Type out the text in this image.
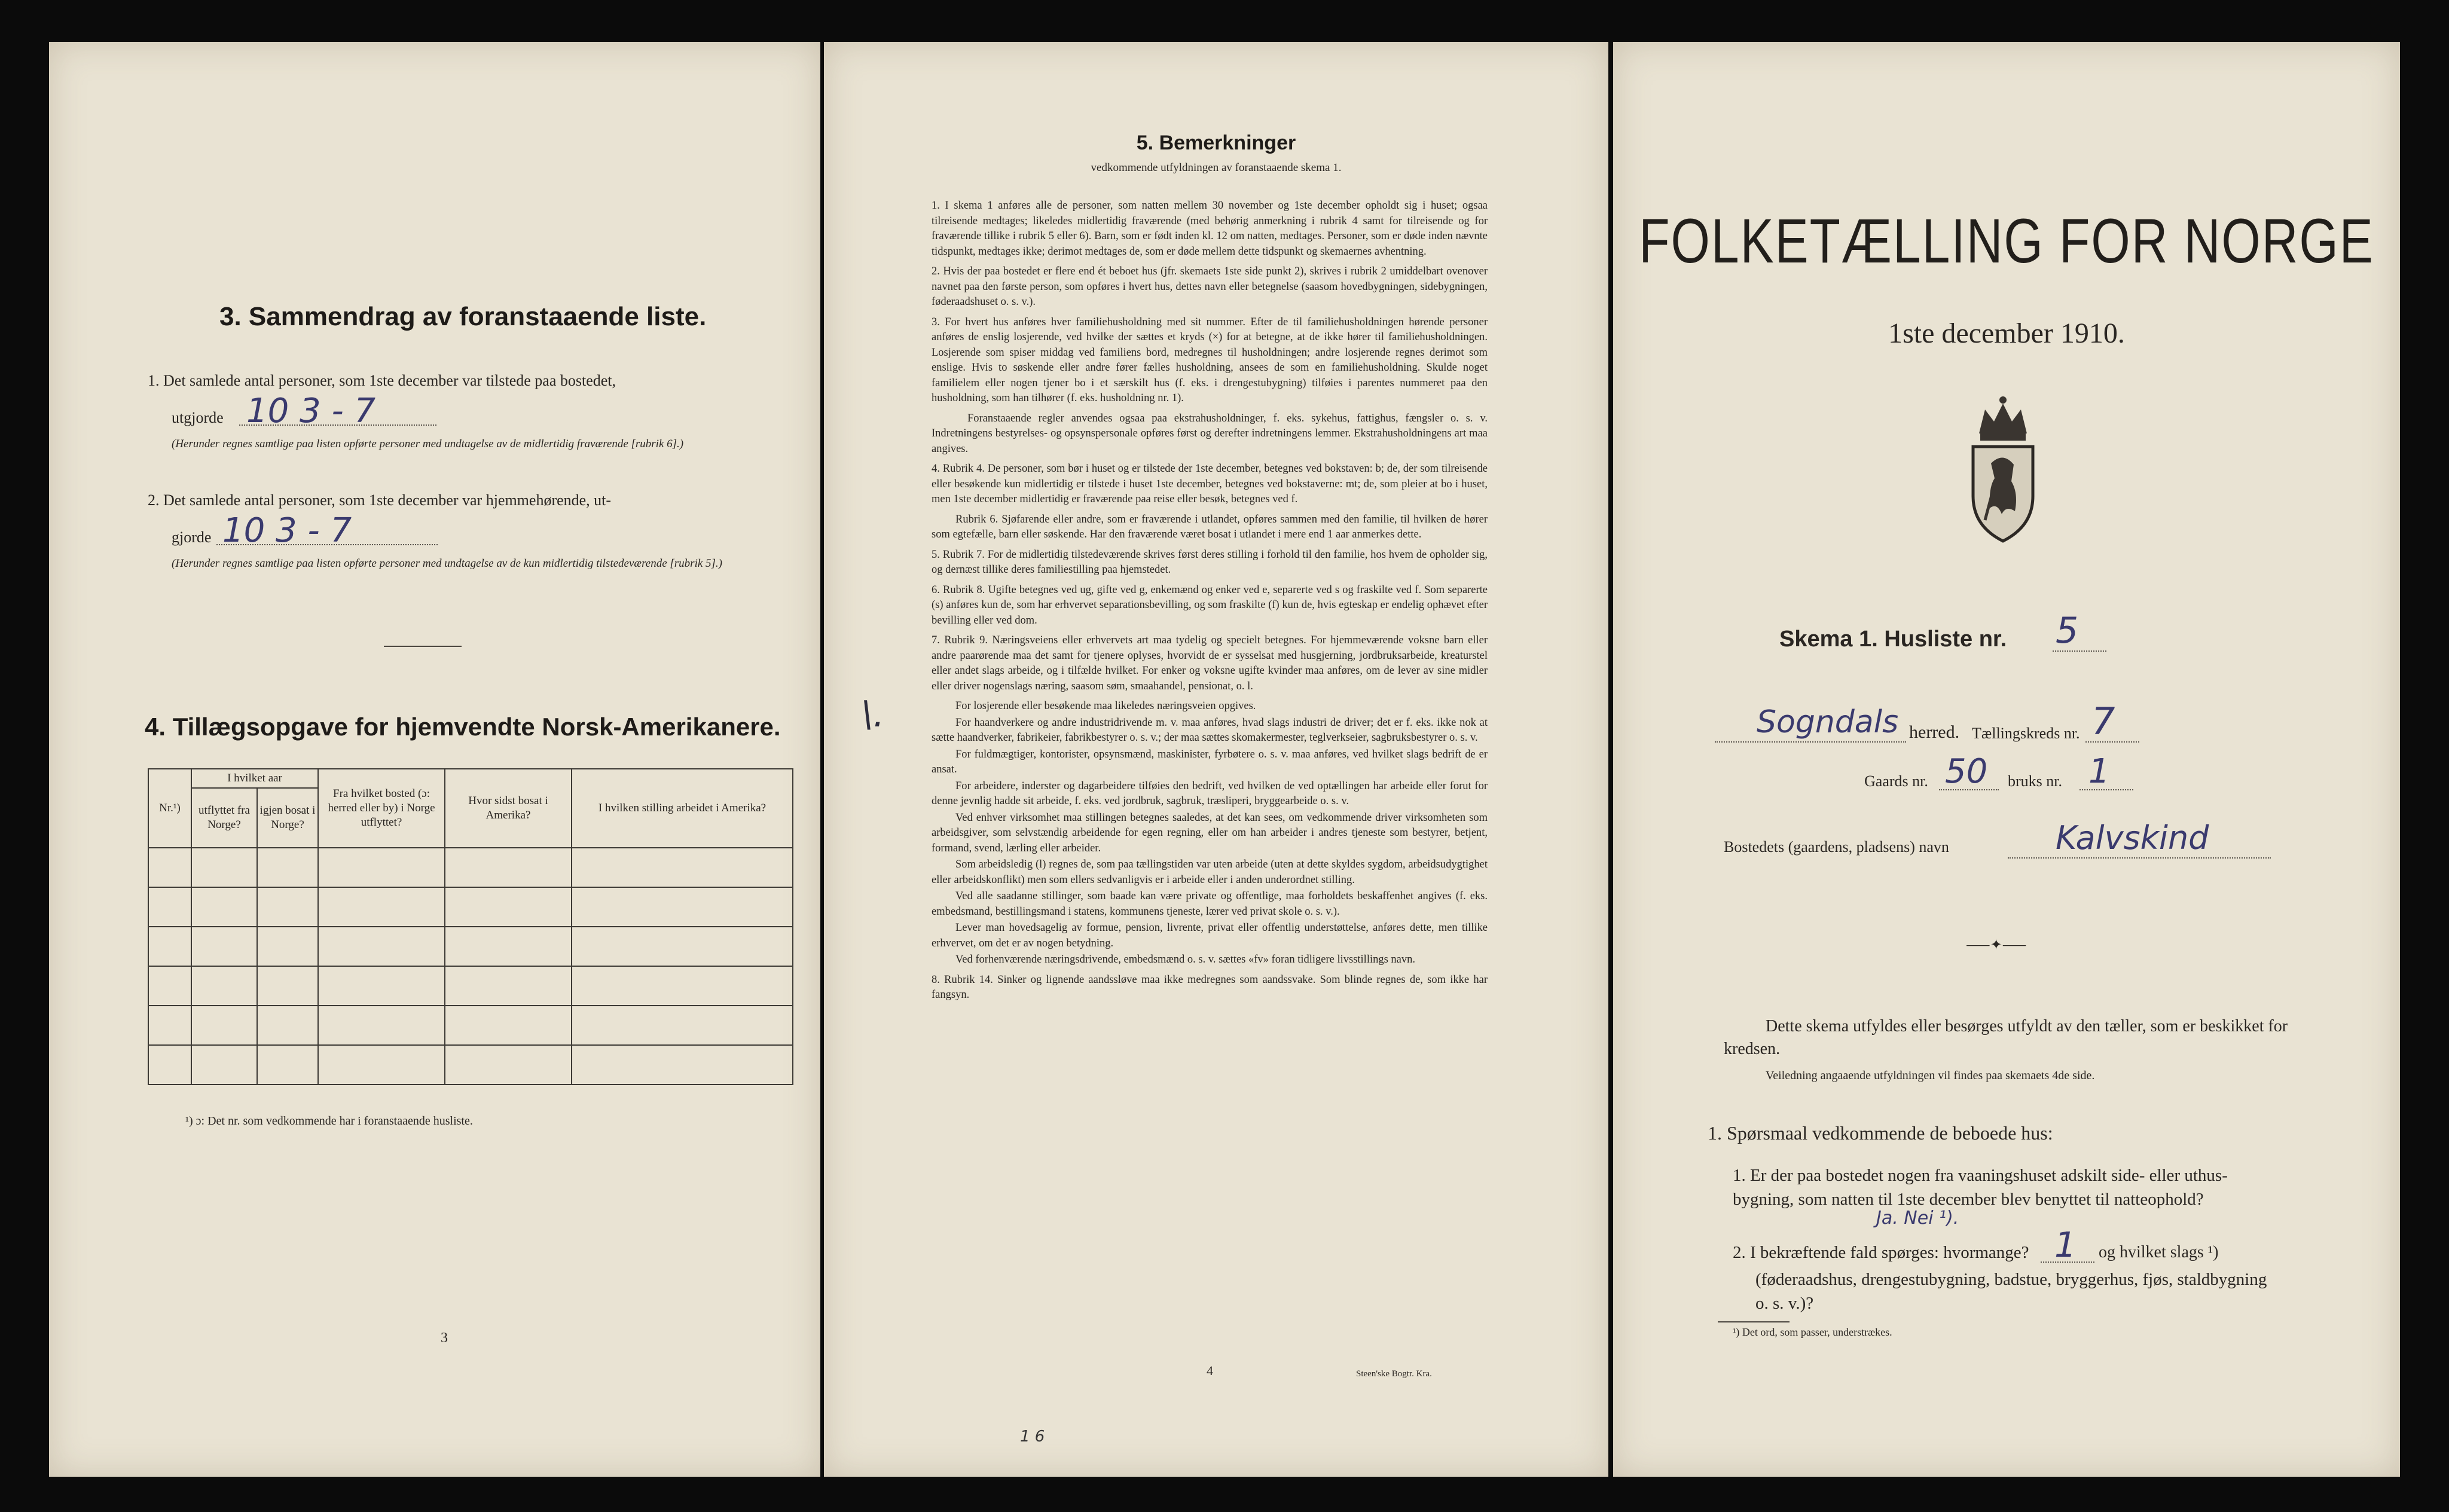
3. Sammendrag av foranstaaende liste.
1. Det samlede antal personer, som 1ste december var tilstede paa bostedet,
utgjorde 10 3 - 7
(Herunder regnes samtlige paa listen opførte personer med undtagelse av de midlertidig fraværende [rubrik 6].)
2. Det samlede antal personer, som 1ste december var hjemmehørende, ut-
gjorde 10 3 - 7
(Herunder regnes samtlige paa listen opførte personer med undtagelse av de kun midlertidig tilstedeværende [rubrik 5].)
4. Tillægsopgave for hjemvendte Norsk-Amerikanere.
Nr.¹)	I hvilket aar		Fra hvilket bosted (ɔ: herred eller by) i Norge utflyttet?	Hvor sidst bosat i Amerika?	I hvilken stilling arbeidet i Amerika?
	utflyttet fra Norge?	igjen bosat i Norge?			

¹) ɔ: Det nr. som vedkommende har i foranstaaende husliste.
3
5. Bemerkninger
vedkommende utfyldningen av foranstaaende skema 1.

1. I skema 1 anføres alle de personer, som natten mellem 30 november og 1ste december opholdt sig i huset; ogsaa tilreisende medtages; likeledes midlertidig fraværende (med behørig anmerkning i rubrik 4 samt for tilreisende og for fraværende tillike i rubrik 5 eller 6). Barn, som er født inden kl. 12 om natten, medtages. Personer, som er døde inden nævnte tidspunkt, medtages ikke; derimot medtages de, som er døde mellem dette tidspunkt og skemaernes avhentning.

2. Hvis der paa bostedet er flere end ét beboet hus (jfr. skemaets 1ste side punkt 2), skrives i rubrik 2 umiddelbart ovenover navnet paa den første person, som opføres i hvert hus, dettes navn eller betegnelse (saasom hovedbygningen, sidebygningen, føderaadshuset o. s. v.).

3. For hvert hus anføres hver familiehusholdning med sit nummer. Efter de til familiehusholdningen hørende personer anføres de enslig losjerende, ved hvilke der sættes et kryds (×) for at betegne, at de ikke hører til familiehusholdningen. Losjerende som spiser middag ved familiens bord, medregnes til husholdningen; andre losjerende regnes derimot som enslige. Hvis to søskende eller andre fører fælles husholdning, ansees de som en familiehusholdning. Skulde noget familielem eller nogen tjener bo i et særskilt hus (f. eks. i drengestubygning) tilføies i parentes nummeret paa den husholdning, som han tilhører (f. eks. husholdning nr. 1).

Foranstaaende regler anvendes ogsaa paa ekstrahusholdninger, f. eks. sykehus, fattighus, fængsler o. s. v. Indretningens bestyrelses- og opsynspersonale opføres først og derefter indretningens lemmer. Ekstrahusholdningens art maa angives.

4. Rubrik 4. De personer, som bør i huset og er tilstede der 1ste december, betegnes ved bokstaven: b; de, der som tilreisende eller besøkende kun midlertidig er tilstede i huset 1ste december, betegnes ved bokstaverne: mt; de, som pleier at bo i huset, men 1ste december midlertidig er fraværende paa reise eller besøk, betegnes ved f.

Rubrik 6. Sjøfarende eller andre, som er fraværende i utlandet, opføres sammen med den familie, til hvilken de hører som egtefælle, barn eller søskende. Har den fraværende været bosat i utlandet i mere end 1 aar anmerkes dette.

5. Rubrik 7. For de midlertidig tilstedeværende skrives først deres stilling i forhold til den familie, hos hvem de opholder sig, og dernæst tillike deres familiestilling paa hjemstedet.

6. Rubrik 8. Ugifte betegnes ved ug, gifte ved g, enkemænd og enker ved e, separerte ved s og fraskilte ved f. Som separerte (s) anføres kun de, som har erhvervet separationsbevilling, og som fraskilte (f) kun de, hvis egteskap er endelig ophævet efter bevilling eller ved dom.

7. Rubrik 9. Næringsveiens eller erhvervets art maa tydelig og specielt betegnes. For hjemmeværende voksne barn eller andre paarørende maa det samt for tjenere oplyses, hvorvidt de er sysselsat med husgjerning, jordbruksarbeide, kreaturstel eller andet slags arbeide, og i tilfælde hvilket. For enker og voksne ugifte kvinder maa anføres, om de lever av sine midler eller driver nogenslags næring, saasom søm, smaahandel, pensionat, o. l.

For losjerende eller besøkende maa likeledes næringsveien opgives.

For haandverkere og andre industridrivende m. v. maa anføres, hvad slags industri de driver; det er f. eks. ikke nok at sætte haandverker, fabrikeier, fabrikbestyrer o. s. v.; der maa sættes skomakermester, teglverkseier, sagbruksbestyrer o. s. v.

For fuldmægtiger, kontorister, opsynsmænd, maskinister, fyrbøtere o. s. v. maa anføres, ved hvilket slags bedrift de er ansat.

For arbeidere, inderster og dagarbeidere tilføies den bedrift, ved hvilken de ved optællingen har arbeide eller forut for denne jevnlig hadde sit arbeide, f. eks. ved jordbruk, sagbruk, træsliperi, bryggearbeide o. s. v.

Ved enhver virksomhet maa stillingen betegnes saaledes, at det kan sees, om vedkommende driver virksomheten som arbeidsgiver, som selvstændig arbeidende for egen regning, eller om han arbeider i andres tjeneste som bestyrer, betjent, formand, svend, lærling eller arbeider.

Som arbeidsledig (l) regnes de, som paa tællingstiden var uten arbeide (uten at dette skyldes sygdom, arbeidsudygtighet eller arbeidskonflikt) men som ellers sedvanligvis er i arbeide eller i anden underordnet stilling.

Ved alle saadanne stillinger, som baade kan være private og offentlige, maa forholdets beskaffenhet angives (f. eks. embedsmand, bestillingsmand i statens, kommunens tjeneste, lærer ved privat skole o. s. v.).

Lever man hovedsagelig av formue, pension, livrente, privat eller offentlig understøttelse, anføres dette, men tillike erhvervet, om det er av nogen betydning.

Ved forhenværende næringsdrivende, embedsmænd o. s. v. sættes «fv» foran tidligere livsstillings navn.

8. Rubrik 14. Sinker og lignende aandssløve maa ikke medregnes som aandssvake. Som blinde regnes de, som ikke har fangsyn.

\.
4	Steen'ske Bogtr. Kra.
1 6
FOLKETÆLLING FOR NORGE
1ste december 1910.
Skema 1. Husliste nr. 5
Sogndals herred. Tællingskreds nr. 7
Gaards nr. 50 bruks nr. 1
Bostedets (gaardens, pladsens) navn	Kalvskind
⸺✦⸺
Dette skema utfyldes eller besørges utfyldt av den tæller, som er beskikket for kredsen.
Veiledning angaaende utfyldningen vil findes paa skemaets 4de side.
1. Spørsmaal vedkommende de beboede hus:
1. Er der paa bostedet nogen fra vaaningshuset adskilt side- eller uthus-bygning, som natten til 1ste december blev benyttet til natteophold?
Ja. Nei ¹).
2. I bekræftende fald spørges: hvormange? 1 og hvilket slags ¹)
(føderaadshus, drengestubygning, badstue, bryggerhus, fjøs, staldbygning o. s. v.)?
¹) Det ord, som passer, understrækes.
